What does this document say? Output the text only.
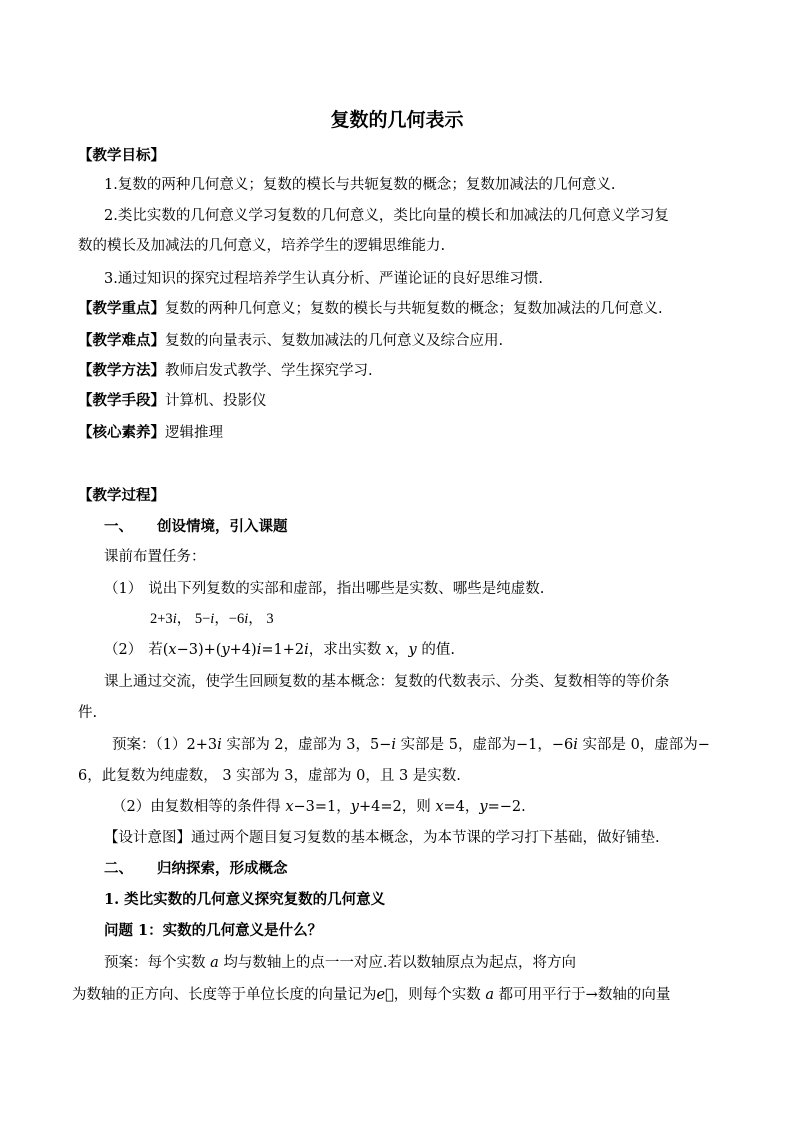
复数的几何表示
【教学目标】
1.复数的两种几何意义；复数的模长与共轭复数的概念；复数加减法的几何意义.
2.类比实数的几何意义学习复数的几何意义，类比向量的模长和加减法的几何意义学习复
数的模长及加减法的几何意义，培养学生的逻辑思维能力.
3.通过知识的探究过程培养学生认真分析、严谨论证的良好思维习惯.
【教学重点】复数的两种几何意义；复数的模长与共轭复数的概念；复数加减法的几何意义.
【教学难点】复数的向量表示、复数加减法的几何意义及综合应用.
【教学方法】教师启发式教学、学生探究学习.
【教学手段】计算机、投影仪
【核心素养】逻辑推理
【教学过程】
一、 创设情境，引入课题
课前布置任务：
（1） 说出下列复数的实部和虚部，指出哪些是实数、哪些是纯虚数.
2+3i， 5−i，−6i， 3
（2） 若(x−3)+(y+4)i=1+2i，求出实数 x，y 的值.
课上通过交流，使学生回顾复数的基本概念：复数的代数表示、分类、复数相等的等价条
件.
预案：（1）2+3i 实部为 2，虚部为 3，5−i 实部是 5，虚部为−1，−6i 实部是 0，虚部为−
6，此复数为纯虚数， 3 实部为 3，虚部为 0，且 3 是实数.
（2）由复数相等的条件得 x−3=1，y+4=2，则 x=4，y=−2.
【设计意图】通过两个题目复习复数的基本概念，为本节课的学习打下基础，做好铺垫.
二、 归纳探索，形成概念
1. 类比实数的几何意义探究复数的几何意义
问题 1：实数的几何意义是什么？
预案：每个实数 a 均与数轴上的点一一对应.若以数轴原点为起点，将方向
为数轴的正方向、长度等于单位长度的向量记为e⃗，则每个实数 a 都可用平行于→数轴的向量
